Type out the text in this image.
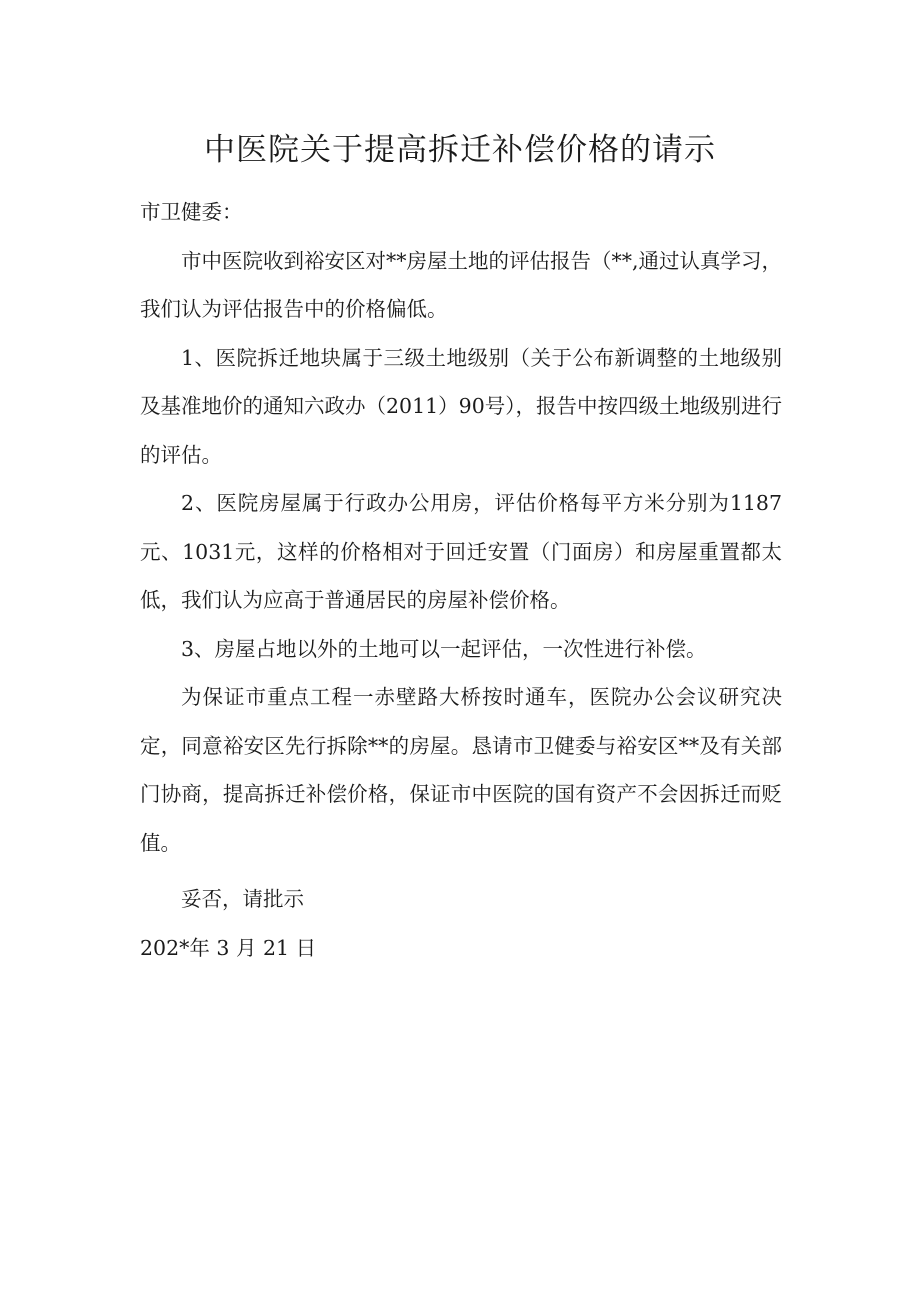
中医院关于提高拆迁补偿价格的请示

市卫健委：

市中医院收到裕安区对**房屋土地的评估报告（**,通过认真学习，我们认为评估报告中的价格偏低。

1、医院拆迁地块属于三级土地级别（关于公布新调整的土地级别及基准地价的通知六政办（2011）90号），报告中按四级土地级别进行的评估。

2、医院房屋属于行政办公用房，评估价格每平方米分别为1187元、1031元，这样的价格相对于回迁安置（门面房）和房屋重置都太低，我们认为应高于普通居民的房屋补偿价格。

3、房屋占地以外的土地可以一起评估，一次性进行补偿。

为保证市重点工程一赤壁路大桥按时通车，医院办公会议研究决定，同意裕安区先行拆除**的房屋。恳请市卫健委与裕安区**及有关部门协商，提高拆迁补偿价格，保证市中医院的国有资产不会因拆迁而贬值。

妥否，请批示

202*年 3 月 21 日
